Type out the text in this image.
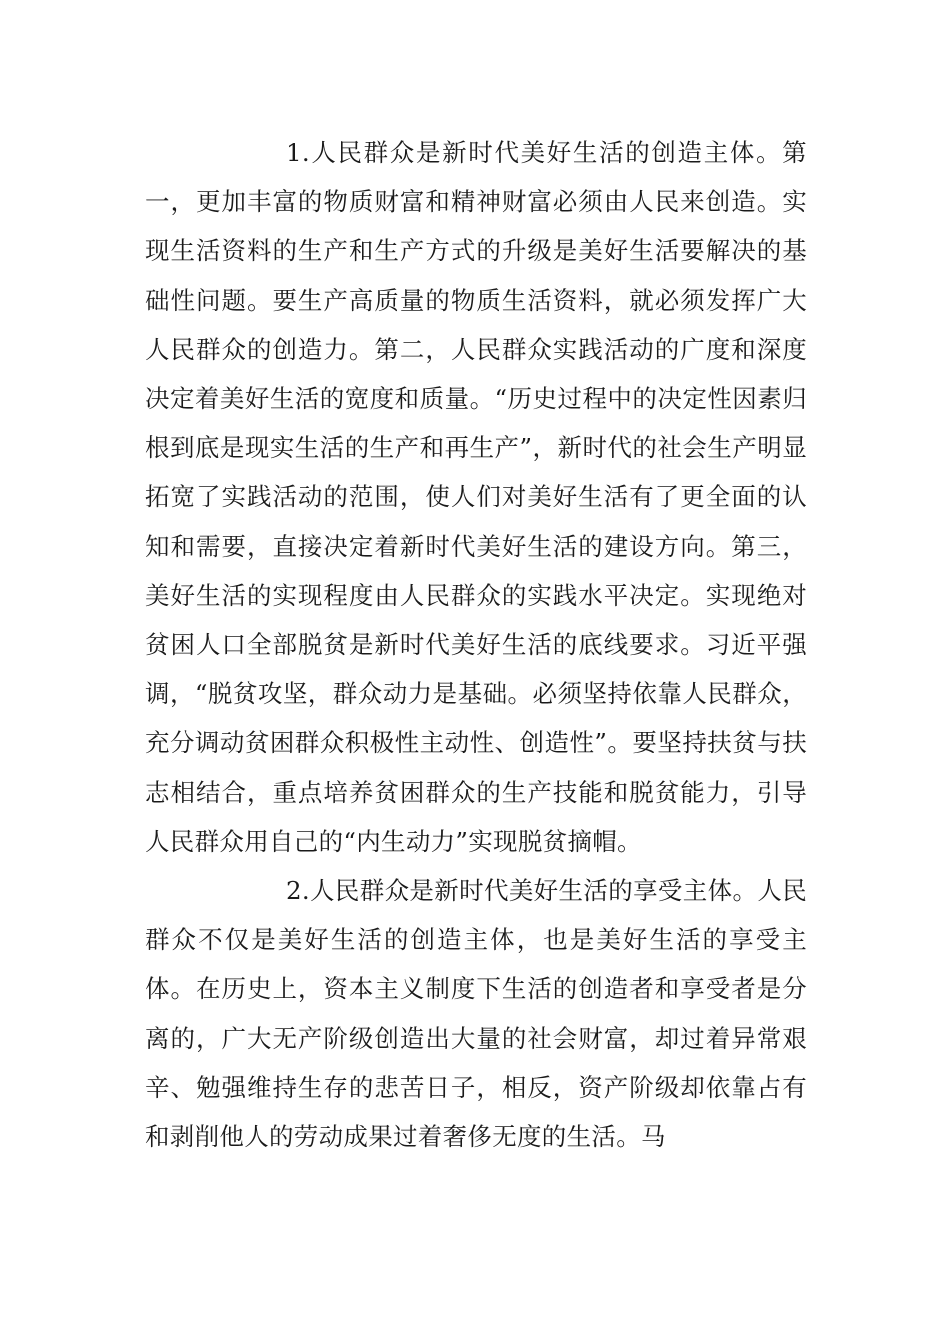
1.人民群众是新时代美好生活的创造主体。第一，更加丰富的物质财富和精神财富必须由人民来创造。实现生活资料的生产和生产方式的升级是美好生活要解决的基础性问题。要生产高质量的物质生活资料，就必须发挥广大人民群众的创造力。第二，人民群众实践活动的广度和深度决定着美好生活的宽度和质量。“历史过程中的决定性因素归根到底是现实生活的生产和再生产”，新时代的社会生产明显拓宽了实践活动的范围，使人们对美好生活有了更全面的认知和需要，直接决定着新时代美好生活的建设方向。第三，美好生活的实现程度由人民群众的实践水平决定。实现绝对贫困人口全部脱贫是新时代美好生活的底线要求。习近平强调，“脱贫攻坚，群众动力是基础。必须坚持依靠人民群众，充分调动贫困群众积极性主动性、创造性”。要坚持扶贫与扶志相结合，重点培养贫困群众的生产技能和脱贫能力，引导人民群众用自己的“内生动力”实现脱贫摘帽。

2.人民群众是新时代美好生活的享受主体。人民群众不仅是美好生活的创造主体，也是美好生活的享受主体。在历史上，资本主义制度下生活的创造者和享受者是分离的，广大无产阶级创造出大量的社会财富，却过着异常艰辛、勉强维持生存的悲苦日子，相反，资产阶级却依靠占有和剥削他人的劳动成果过着奢侈无度的生活。马
